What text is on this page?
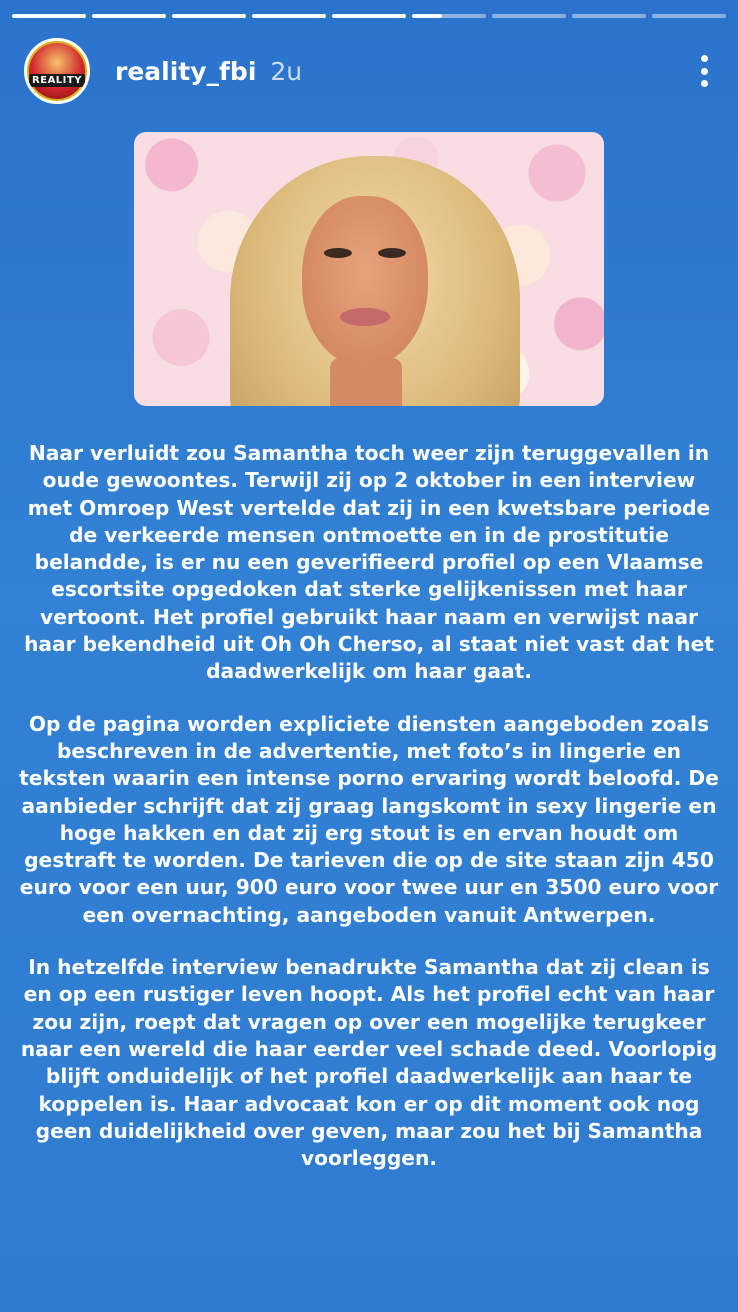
REALITY reality_fbi 2u

Naar verluidt zou Samantha toch weer zijn teruggevallen in oude gewoontes. Terwijl zij op 2 oktober in een interview met Omroep West vertelde dat zij in een kwetsbare periode de verkeerde mensen ontmoette en in de prostitutie belandde, is er nu een geverifieerd profiel op een Vlaamse escortsite opgedoken dat sterke gelijkenissen met haar vertoont. Het profiel gebruikt haar naam en verwijst naar haar bekendheid uit Oh Oh Cherso, al staat niet vast dat het daadwerkelijk om haar gaat.

Op de pagina worden expliciete diensten aangeboden zoals beschreven in de advertentie, met foto’s in lingerie en teksten waarin een intense porno ervaring wordt beloofd. De aanbieder schrijft dat zij graag langskomt in sexy lingerie en hoge hakken en dat zij erg stout is en ervan houdt om gestraft te worden. De tarieven die op de site staan zijn 450 euro voor een uur, 900 euro voor twee uur en 3500 euro voor een overnachting, aangeboden vanuit Antwerpen.

In hetzelfde interview benadrukte Samantha dat zij clean is en op een rustiger leven hoopt. Als het profiel echt van haar zou zijn, roept dat vragen op over een mogelijke terugkeer naar een wereld die haar eerder veel schade deed. Voorlopig blijft onduidelijk of het profiel daadwerkelijk aan haar te koppelen is. Haar advocaat kon er op dit moment ook nog geen duidelijkheid over geven, maar zou het bij Samantha voorleggen.
